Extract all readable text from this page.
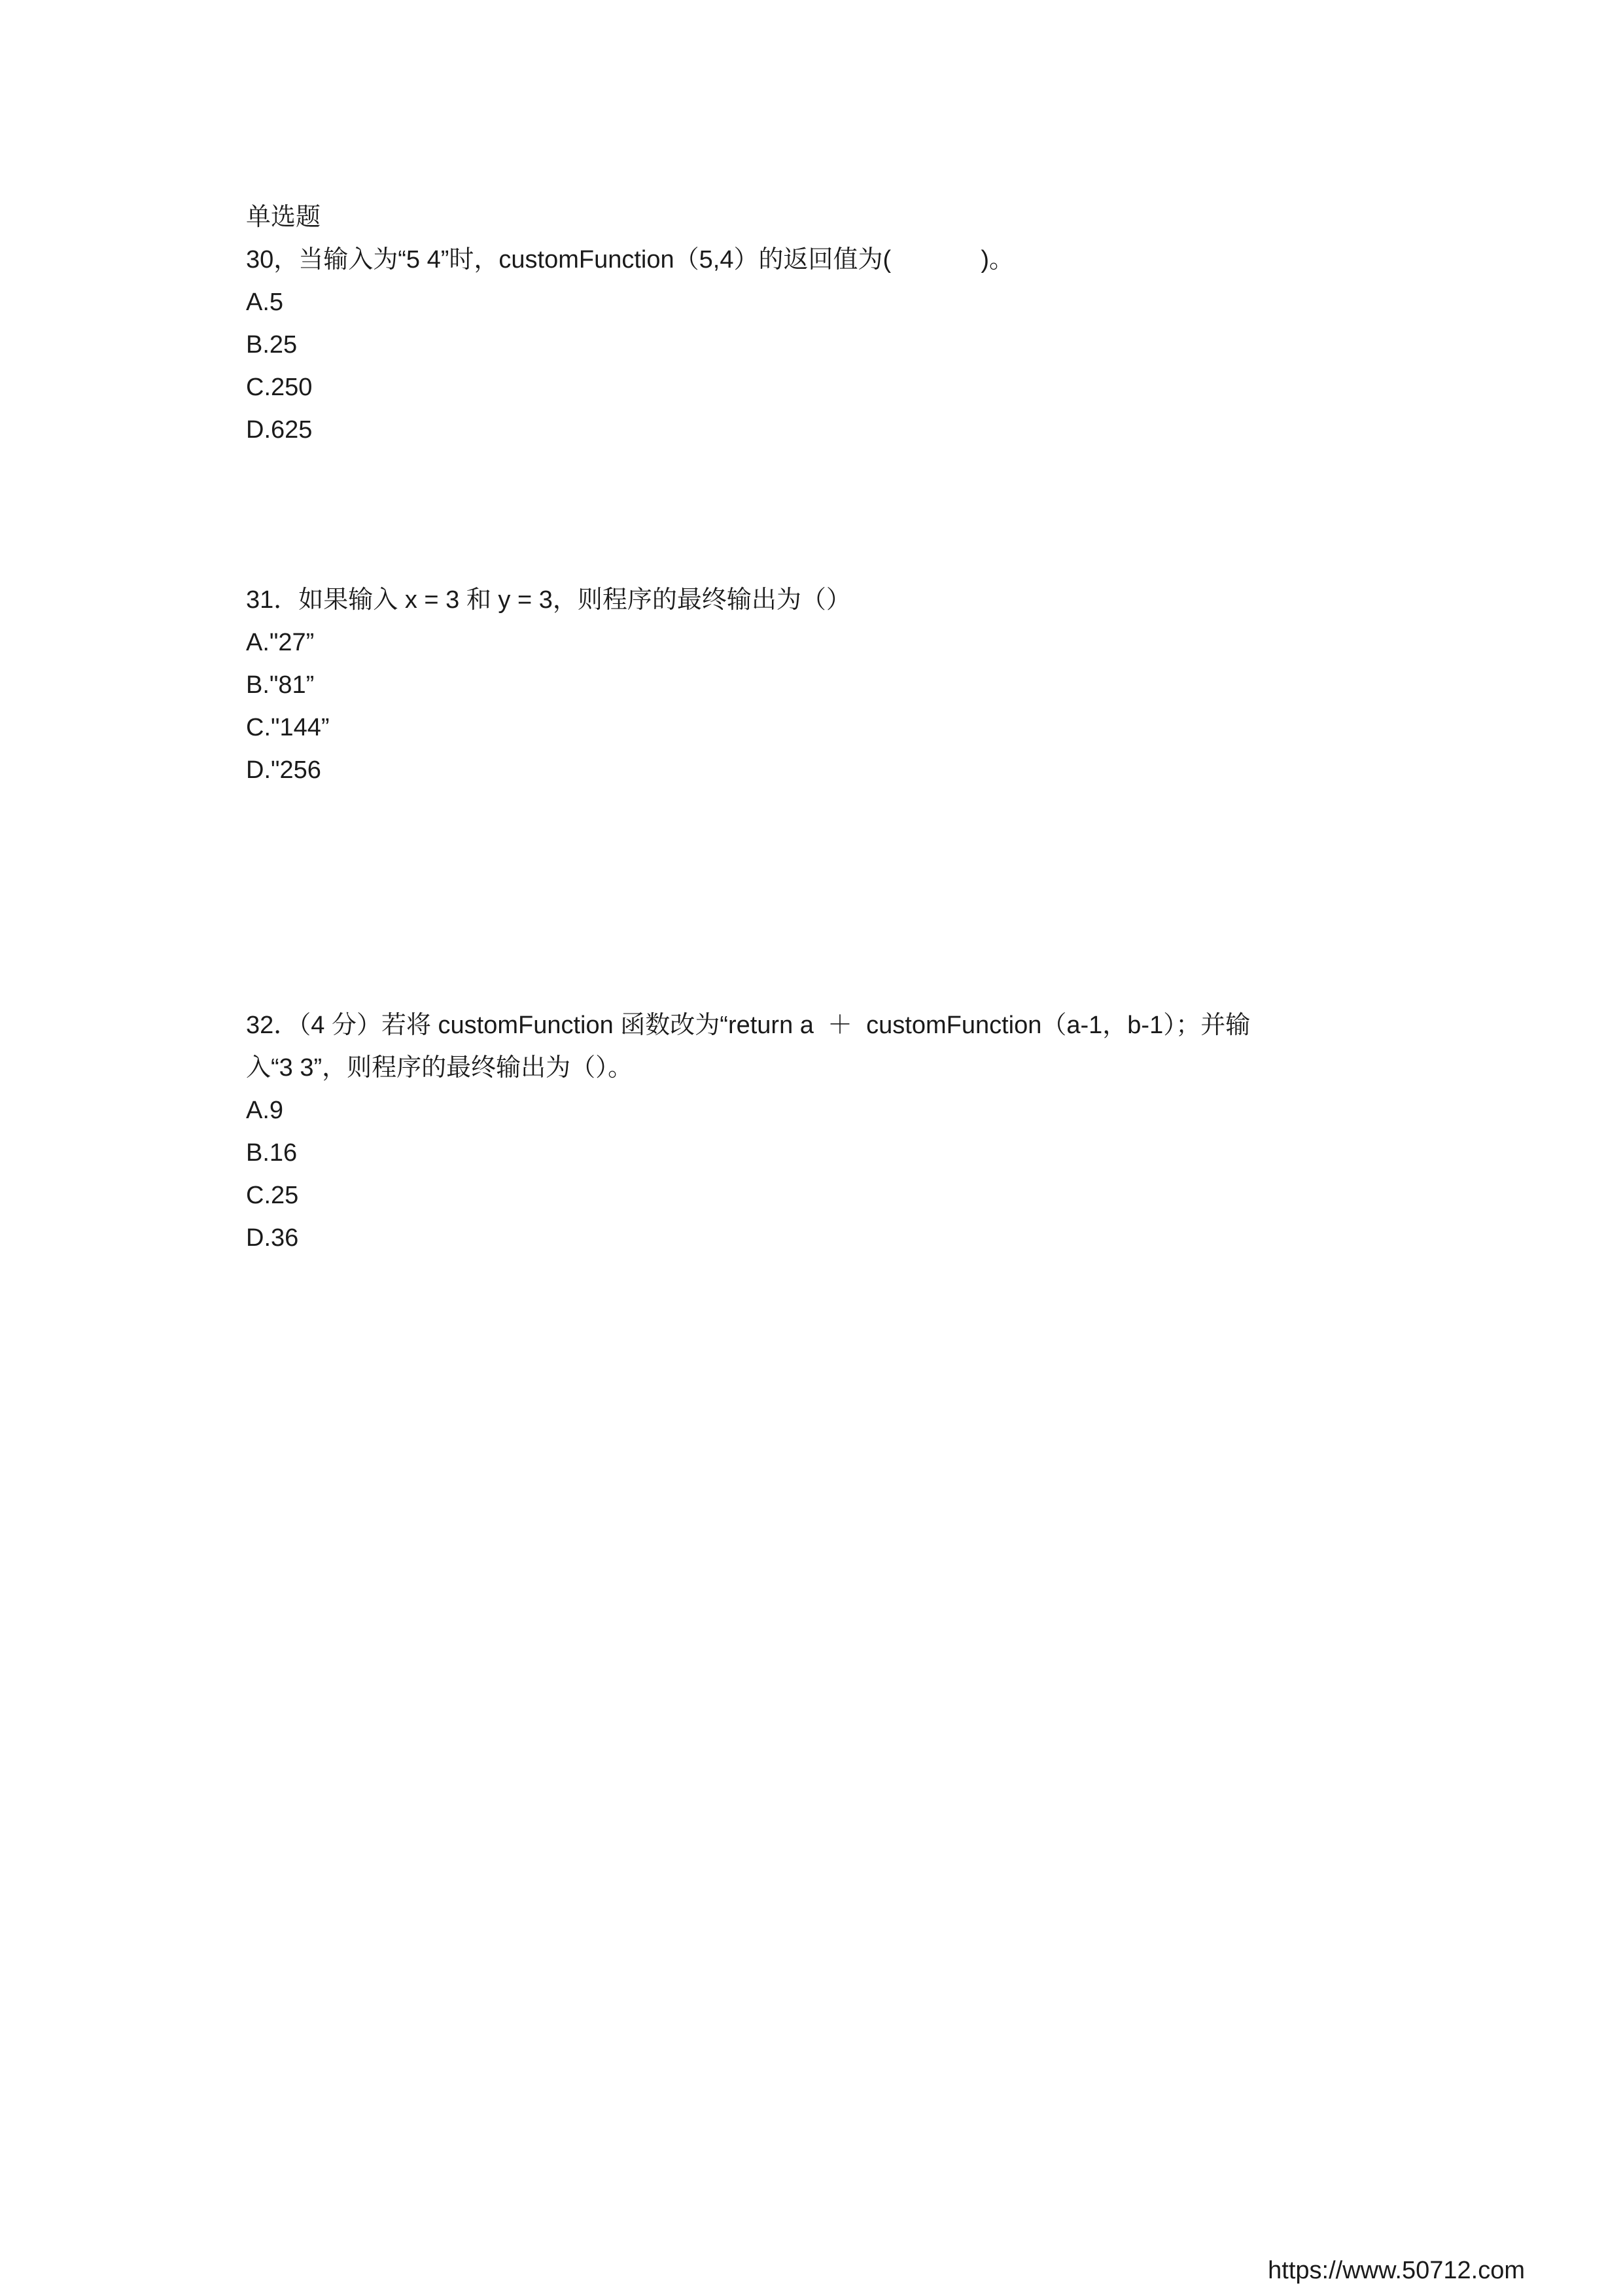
单选题
30，当输入为“5 4”时，customFunction（5,4）的返回值为(             )。
A.5
B.25
C.250
D.625
31．如果输入 x = 3 和 y = 3，则程序的最终输出为（）
A."27”
B."81”
C."144”
D."256
32．（4 分）若将 customFunction 函数改为“return a  ＋  customFunction（a-1，b-1）；并输
入“3 3”，则程序的最终输出为（）。
A.9
B.16
C.25
D.36
https://www.50712.com
